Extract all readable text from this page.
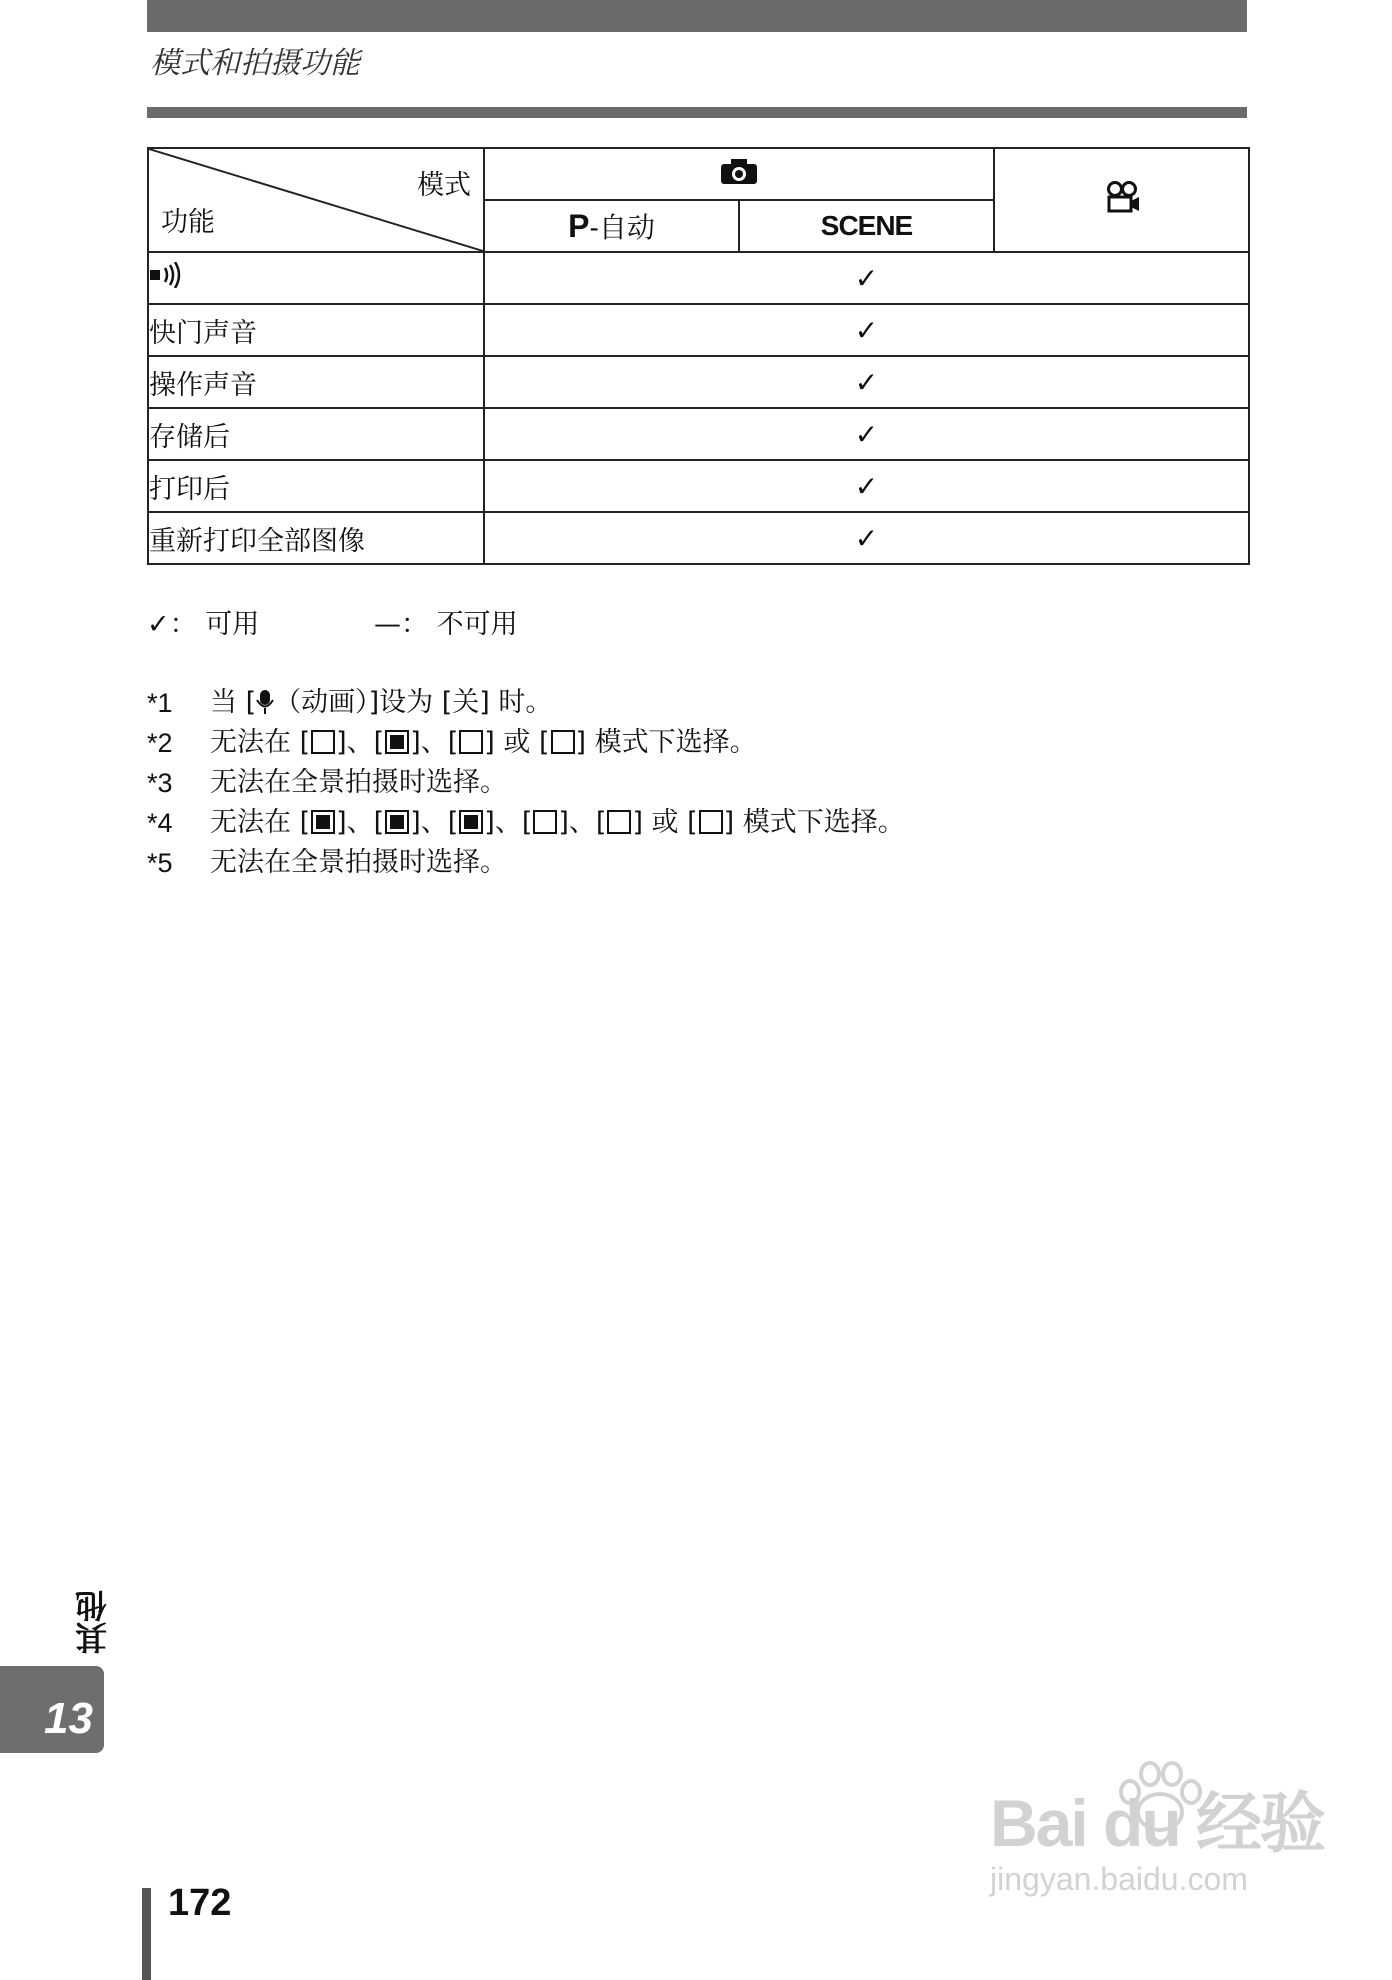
模式和拍摄功能
模式
功能

	P-自动	SCENE	
	✓		
快门声音	✓		
操作声音	✓		
存储后	✓		
打印后	✓		
重新打印全部图像	✓		
✓： 可用	—： 不可用
*1	当 [ （动画）]设为 [关] 时。
*2	无法在 [ ]、[ ]、[ ] 或 [ ] 模式下选择。
*3	无法在全景拍摄时选择。
*4	无法在 [ ]、[ ]、[ ]、[ ]、[ ] 或 [ ] 模式下选择。
*5	无法在全景拍摄时选择。
其他
13
172
Bai du 经验
jingyan.baidu.com
